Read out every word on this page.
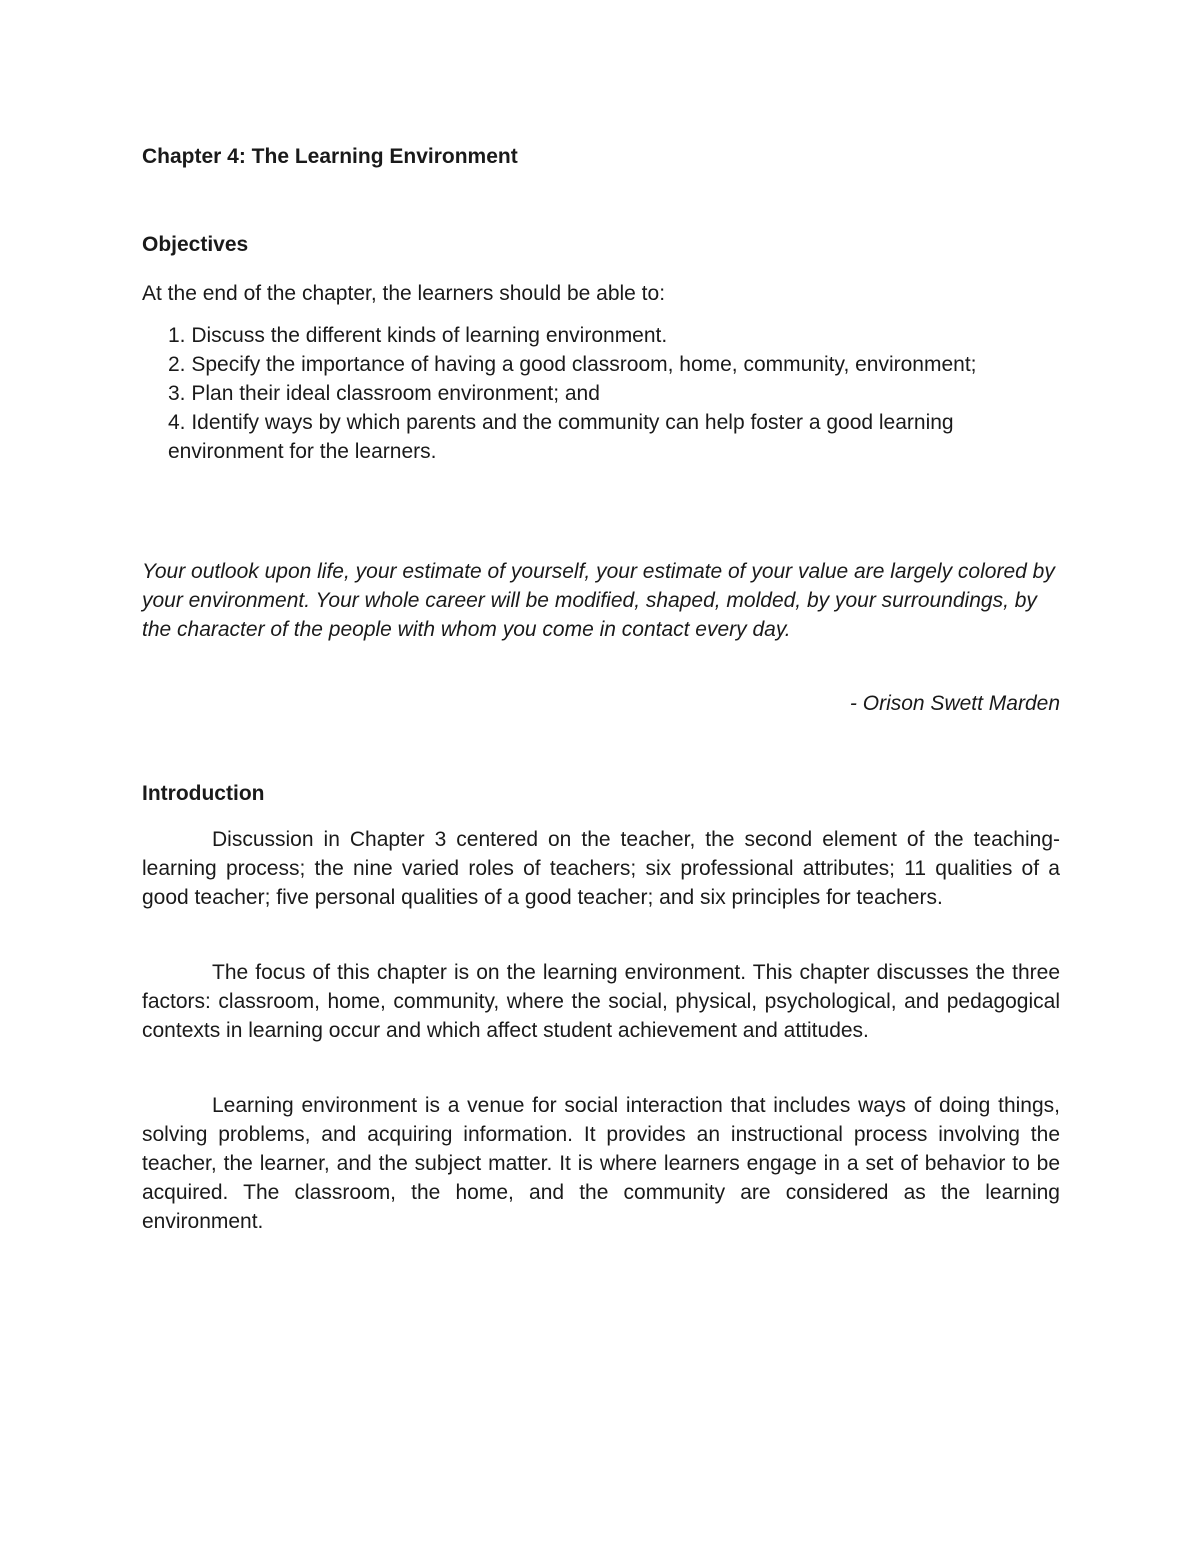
Chapter 4: The Learning Environment
Objectives

At the end of the chapter, the learners should be able to:

1. Discuss the different kinds of learning environment.
2. Specify the importance of having a good classroom, home, community, environment;
3. Plan their ideal classroom environment; and
4. Identify ways by which parents and the community can help foster a good learning environment for the learners.

Your outlook upon life, your estimate of yourself, your estimate of your value are largely colored by your environment. Your whole career will be modified, shaped, molded, by your surroundings, by the character of the people with whom you come in contact every day.

- Orison Swett Marden

Introduction

Discussion in Chapter 3 centered on the teacher, the second element of the teaching-learning process; the nine varied roles of teachers; six professional attributes; 11 qualities of a good teacher; five personal qualities of a good teacher; and six principles for teachers.

The focus of this chapter is on the learning environment. This chapter discusses the three factors: classroom, home, community, where the social, physical, psychological, and pedagogical contexts in learning occur and which affect student achievement and attitudes.

Learning environment is a venue for social interaction that includes ways of doing things, solving problems, and acquiring information. It provides an instructional process involving the teacher, the learner, and the subject matter. It is where learners engage in a set of behavior to be acquired. The classroom, the home, and the community are considered as the learning environment.
